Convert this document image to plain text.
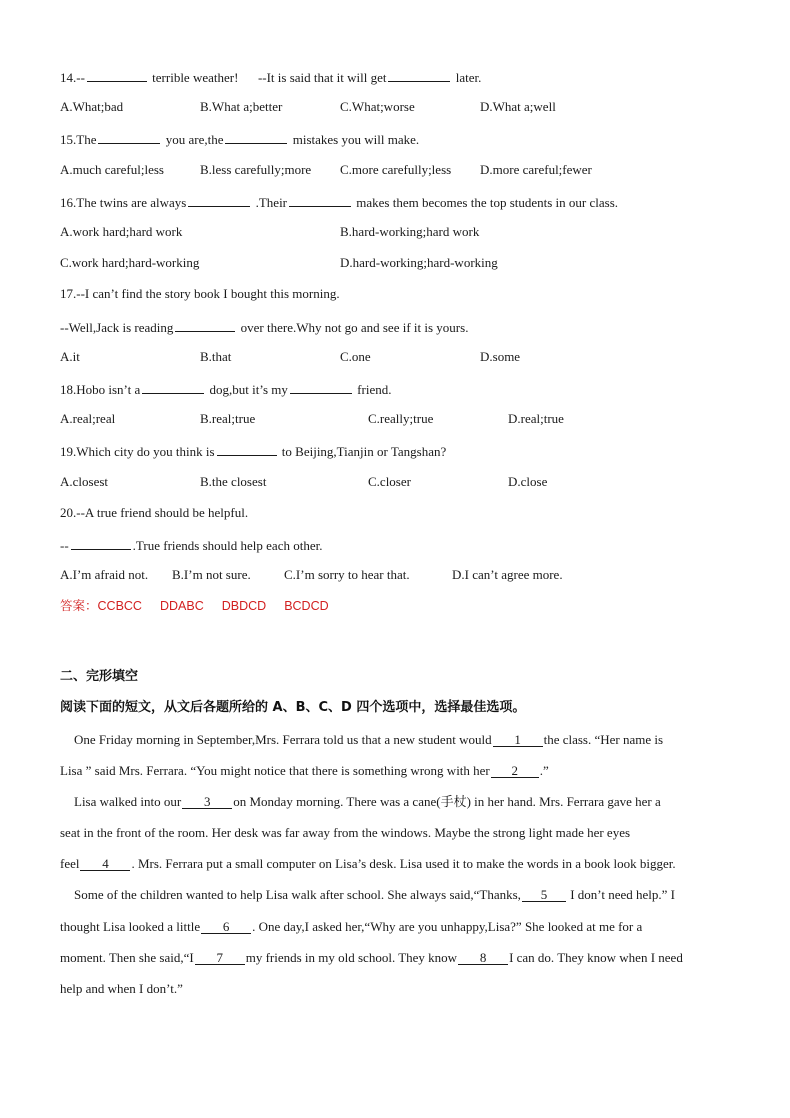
14.--	terrible weather! --It is said that it will get	later.
A.What;bad	B.What a;better	C.What;worse	D.What a;well
15.The	you are,the	mistakes you will make.
A.much careful;less	B.less carefully;more C.more carefully;less D.more careful;fewer
16.The twins are always	.Their	makes them becomes the top students in our class.
A.work hard;hard work	B.hard-working;hard work
C.work hard;hard-working	D.hard-working;hard-working
17.--I can’t find the story book I bought this morning.
--Well,Jack is reading	over there.Why not go and see if it is yours.
A.it	B.that	C.one	D.some
18.Hobo isn’t a	dog,but it’s my	friend.
A.real;real	B.real;true	C.really;true	D.real;true
19.Which city do you think is	to Beijing,Tianjin or Tangshan?
A.closest	B.the closest	C.closer	D.close
20.--A true friend should be helpful.
--	.True friends should help each other.
A.I’m afraid not. B.I’m not sure.	C.I’m sorry to hear that.	D.I can’t agree more.
答案：CCBCC DDABC DBDCD BCDCD
二、完形填空
阅读下面的短文，从文后各题所给的 A、B、C、D 四个选项中，选择最佳选项。
One Friday morning in September,Mrs. Ferrara told us that a new student would 1 the class. “Her name is
Lisa ” said Mrs. Ferrara. “You might notice that there is something wrong with her 2 .”
Lisa walked into our 3 on Monday morning. There was a cane(手杖) in her hand. Mrs. Ferrara gave her a
seat in the front of the room. Her desk was far away from the windows. Maybe the strong light made her eyes
feel 4 . Mrs. Ferrara put a small computer on Lisa’s desk. Lisa used it to make the words in a book look bigger.
Some of the children wanted to help Lisa walk after school. She always said,“Thanks, 5 I don’t need help.” I
thought Lisa looked a little 6 . One day,I asked her,“Why are you unhappy,Lisa?” She looked at me for a
moment. Then she said,“I 7 my friends in my old school. They know 8 I can do. They know when I need
help and when I don’t.”
